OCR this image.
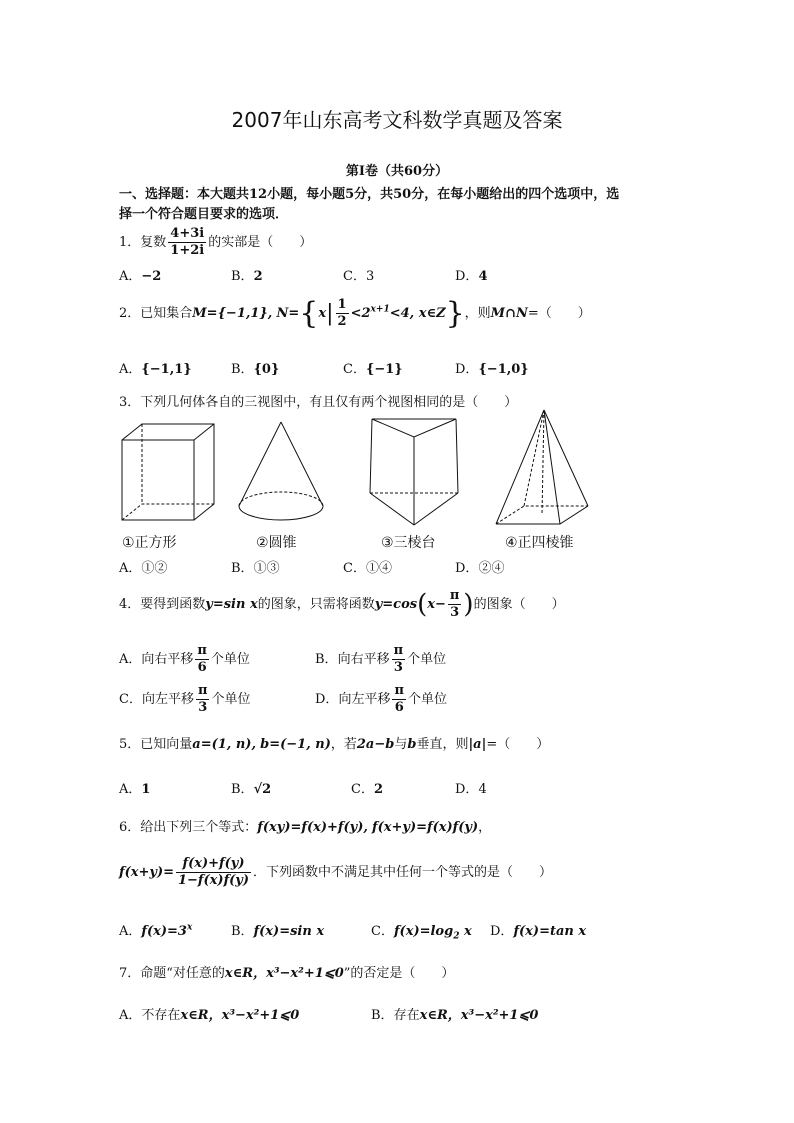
2007年山东高考文科数学真题及答案
第Ⅰ卷（共60分）
一、选择题：本大题共12小题，每小题5分，共50分，在每小题给出的四个选项中，选
择一个符合题目要求的选项．
1．复数 $\frac{4+3i}{1+2i}$ 的实部是（　　）
A．−2	B．2	C．3	D．4
2．已知集合M={−1,1}, $N=\{x| \frac{1}{2} <2^{x+1}<4$, x∈Z}，则M∩N=（　　）
A．{−1,1}	B．{0}	C．{−1}	D．{−1,0}
3．下列几何体各自的三视图中，有且仅有两个视图相同的是（　　）
①正方形	②圆锥	③三棱台	④正四棱锥
A．①②	B．①③	C．①④	D．②④
4．要得到函数y=sin x的图象，只需将函数$y=\cos(x- \frac{\pi}{3}$ )的图象（　　）
A．向右平移 $\frac{\pi}{6}$ 个单位	B．向右平移 $\frac{\pi}{3}$ 个单位
C．向左平移 $\frac{\pi}{3}$ 个单位	D．向左平移 $\frac{\pi}{6}$ 个单位
5．已知向量a=(1, n), b=(−1, n)，若2a−b与b垂直，则|a|=（　　）
A．1	B．√2	C．2	D．4
6．给出下列三个等式：f(xy)=f(x)+f(y), f(x+y)=f(x)f(y)，
$f(x+y)= \frac{f(x)+f(y)}{1-f(x)f(y)}$ ．下列函数中不满足其中任何一个等式的是（　　）
A．$f(x)=3^x$	B．f(x)=sin x	C．$f(x)=\log_2$ x D．f(x)=tan x
7．命题“对任意的x∈R，x³−x²+1⩽0”的否定是（　　）
A．不存在x∈R，x³−x²+1⩽0	B．存在x∈R，x³−x²+1⩽0
